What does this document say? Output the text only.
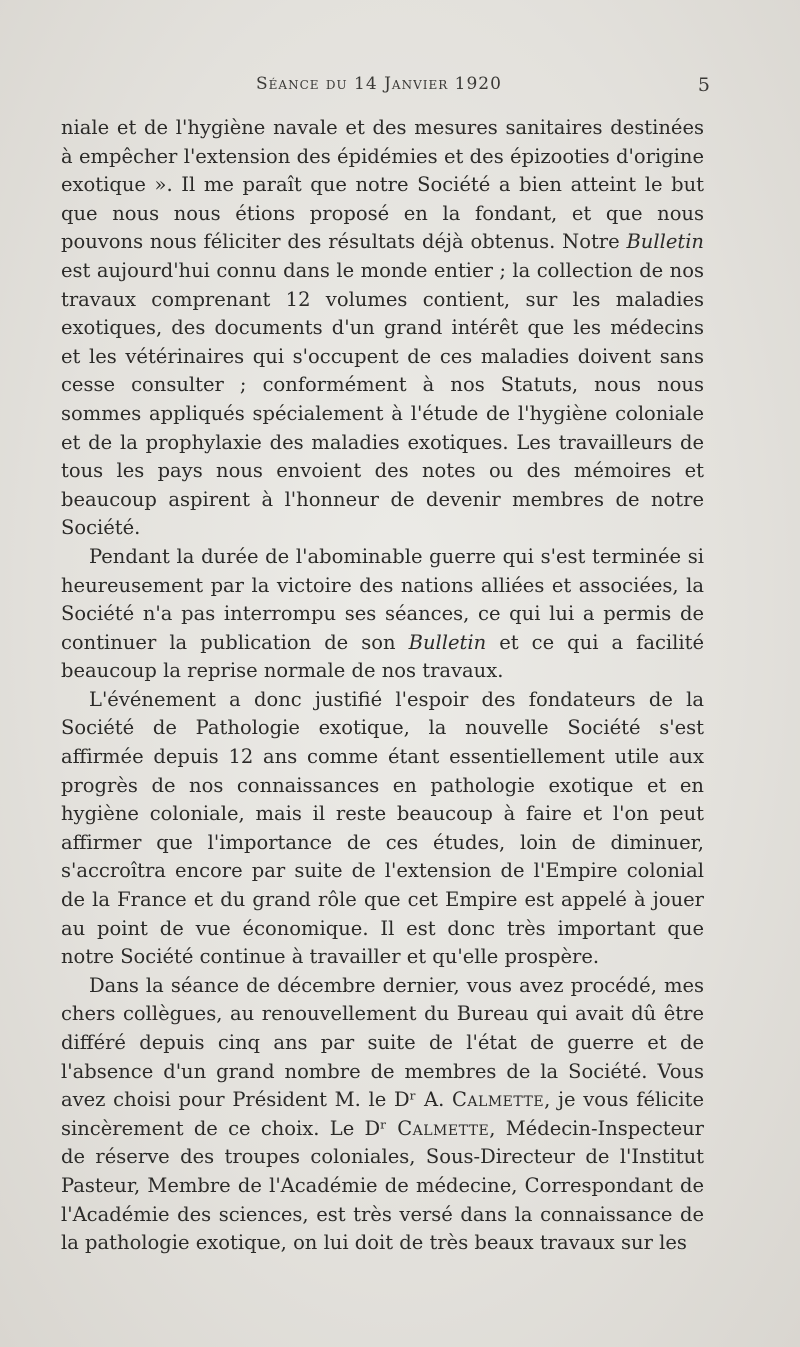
Séance du 14 Janvier 1920	5

niale et de l'hygiène navale et des mesures sanitaires destinées à empêcher l'extension des épidémies et des épizooties d'origine exotique ». Il me paraît que notre Société a bien atteint le but que nous nous étions proposé en la fondant, et que nous pouvons nous féliciter des résultats déjà obtenus. Notre Bulletin est aujourd'hui connu dans le monde entier ; la collection de nos travaux comprenant 12 volumes contient, sur les maladies exotiques, des documents d'un grand intérêt que les médecins et les vétérinaires qui s'occupent de ces maladies doivent sans cesse consulter ; conformément à nos Statuts, nous nous sommes appliqués spécialement à l'étude de l'hygiène coloniale et de la prophylaxie des maladies exotiques. Les travailleurs de tous les pays nous envoient des notes ou des mémoires et beaucoup aspirent à l'honneur de devenir membres de notre Société.

Pendant la durée de l'abominable guerre qui s'est terminée si heureusement par la victoire des nations alliées et associées, la Société n'a pas interrompu ses séances, ce qui lui a permis de continuer la publication de son Bulletin et ce qui a facilité beaucoup la reprise normale de nos travaux.

L'événement a donc justifié l'espoir des fondateurs de la Société de Pathologie exotique, la nouvelle Société s'est affirmée depuis 12 ans comme étant essentiellement utile aux progrès de nos connaissances en pathologie exotique et en hygiène coloniale, mais il reste beaucoup à faire et l'on peut affirmer que l'importance de ces études, loin de diminuer, s'accroîtra encore par suite de l'extension de l'Empire colonial de la France et du grand rôle que cet Empire est appelé à jouer au point de vue économique. Il est donc très important que notre Société continue à travailler et qu'elle prospère.

Dans la séance de décembre dernier, vous avez procédé, mes chers collègues, au renouvellement du Bureau qui avait dû être différé depuis cinq ans par suite de l'état de guerre et de l'absence d'un grand nombre de membres de la Société. Vous avez choisi pour Président M. le Dʳ A. Calmette, je vous félicite sincèrement de ce choix. Le Dʳ Calmette, Médecin-Inspecteur de réserve des troupes coloniales, Sous-Directeur de l'Institut Pasteur, Membre de l'Académie de médecine, Correspondant de l'Académie des sciences, est très versé dans la connaissance de la pathologie exotique, on lui doit de très beaux travaux sur les
